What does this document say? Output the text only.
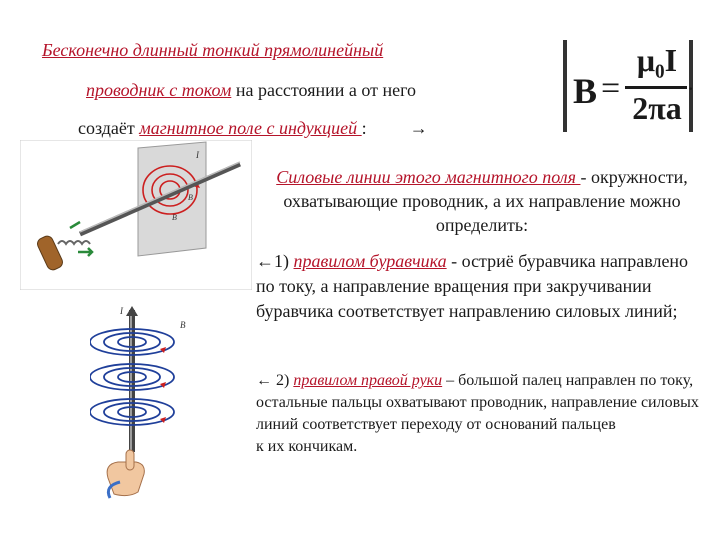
Бесконечно длинный тонкий прямолинейный
проводник с током на расстоянии a от него
создаёт магнитное поле с индукцией : →
B =
μ₀I
2πa
.
I
B
B
I
B
Силовые линии этого магнитного поля - окружности, охватывающие проводник, а их направление можно определить:
←1) правилом буравчика - остриё буравчика направлено по току, а направление вращения при закручивании буравчика соответствует направлению силовых линий;
← 2) правилом правой руки – большой палец направлен по току, остальные пальцы охватывают проводник, направление силовых линий соответствует переходу от оснований пальцев
к их кончикам.
